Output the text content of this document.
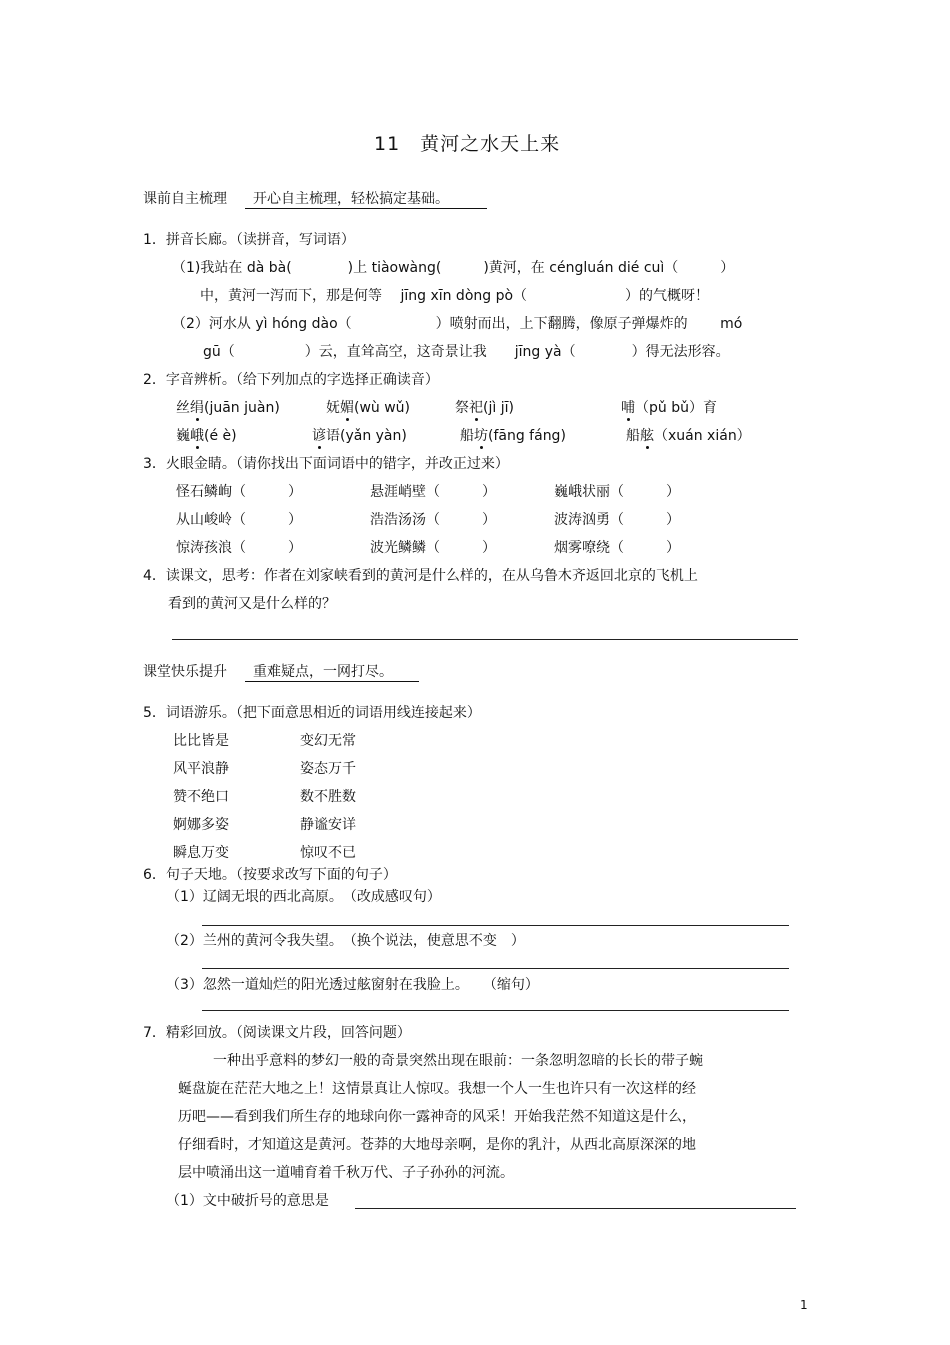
11　黄河之水天上来
课前自主梳理	开心自主梳理，轻松搞定基础。
1．拼音长廊。（读拼音，写词语）
（1)我站在 dà bà(　　　　)上 tiàowàng(　　　)黄河，在 céngluán dié cuì（　　　）
中，黄河一泻而下，那是何等　 jīng xīn dòng pò（　　　　　　　）的气概呀！
（2）河水从 yì hóng dào（　　　　　　）喷射而出，上下翻腾，像原子弹爆炸的　　 mó
gū（　　　　　）云，直耸高空，这奇景让我　　jīng yà（　　　　）得无法形容。
2．字音辨析。（给下列加点的字选择正确读音）
丝绢(juān juàn)	妩媚(wù wǔ)	祭祀(jì jī)	哺（pǔ bǔ）育
巍峨(é è)	谚语(yǎn yàn)	船坊(fāng fáng)	船舷（xuán xián）
3．火眼金睛。（请你找出下面词语中的错字，并改正过来）
怪石鳞峋（　　　）	悬涯峭壁（　　　）	巍峨状丽（　　　）
从山峻岭（　　　）	浩浩汤汤（　　　）	波涛汹勇（　　　）
惊涛孩浪（　　　）	波光鳞鳞（　　　）	烟雾嘹绕（　　　）
4．读课文，思考：作者在刘家峡看到的黄河是什么样的，在从乌鲁木齐返回北京的飞机上
看到的黄河又是什么样的？
课堂快乐提升	重难疑点，一网打尽。
5．词语游乐。（把下面意思相近的词语用线连接起来）
比比皆是	变幻无常
风平浪静	姿态万千
赞不绝口	数不胜数
婀娜多姿	静谧安详
瞬息万变	惊叹不已
6．句子天地。（按要求改写下面的句子）
（1）辽阔无垠的西北高原。　（改成感叹句）
（2）兰州的黄河令我失望。　（换个说法，使意思不变　）
（3）忽然一道灿烂的阳光透过舷窗射在我脸上。　　（缩句）
7．精彩回放。（阅读课文片段，回答问题）
一种出乎意料的梦幻一般的奇景突然出现在眼前：一条忽明忽暗的长长的带子蜿
蜒盘旋在茫茫大地之上！这情景真让人惊叹。我想一个人一生也许只有一次这样的经
历吧——看到我们所生存的地球向你一露神奇的风采！开始我茫然不知道这是什么，
仔细看时，才知道这是黄河。苍莽的大地母亲啊，是你的乳汁，从西北高原深深的地
层中喷涌出这一道哺育着千秋万代、子子孙孙的河流。
（1）文中破折号的意思是
1
